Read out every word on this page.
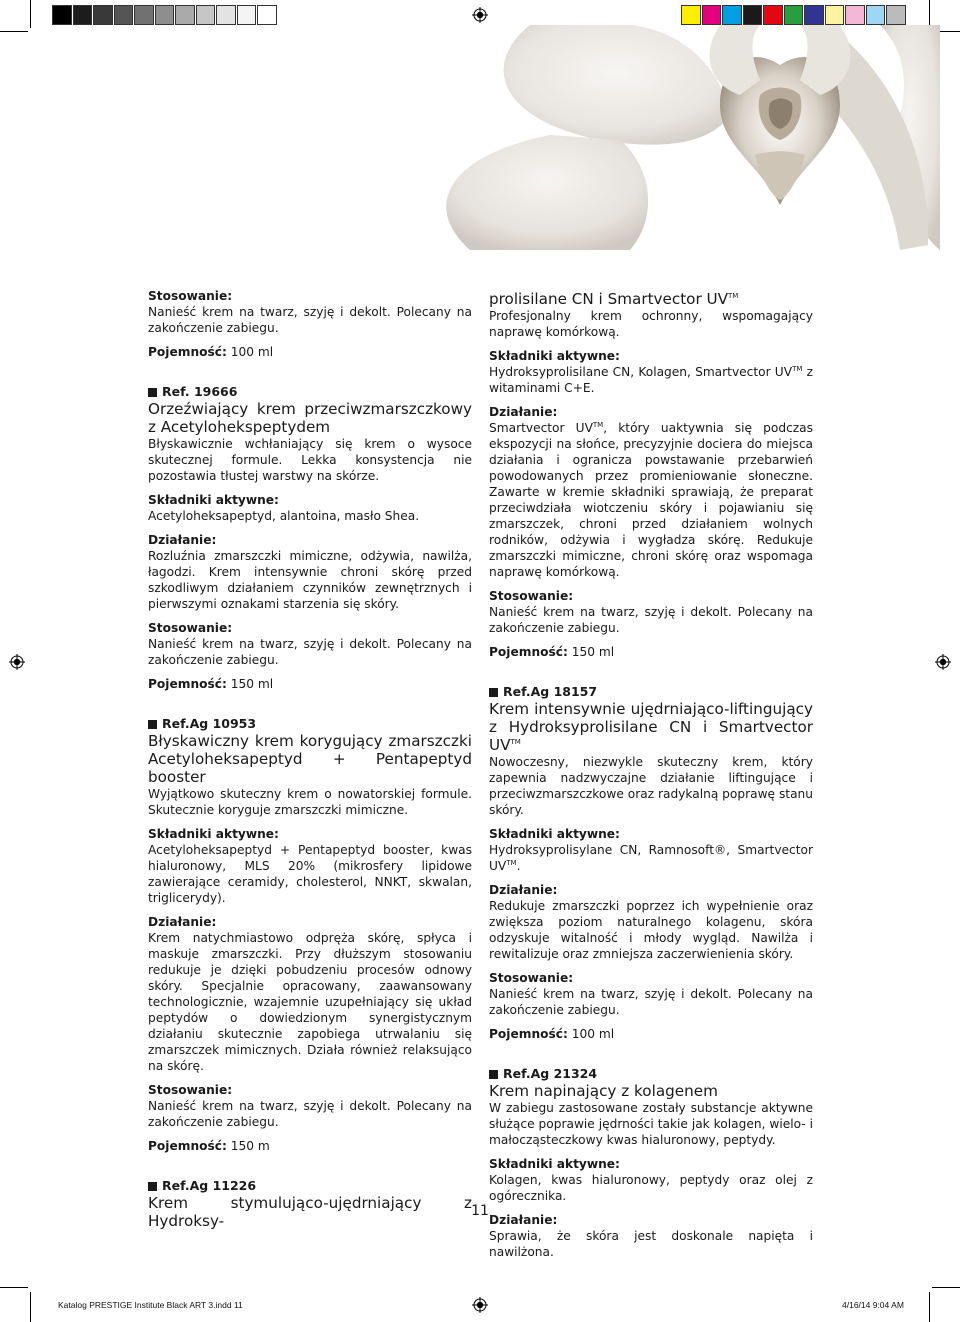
Stosowanie:

Nanieść krem na twarz, szyję i dekolt. Polecany na zakończenie zabiegu.

Pojemność: 100 ml

Ref. 19666

Orzeźwiający krem przeciwzmarszczkowy z Acetylohekspeptydem

Błyskawicznie wchłaniający się krem o wysoce skutecznej formule. Lekka konsystencja nie pozostawia tłustej warstwy na skórze.

Składniki aktywne:

Acetyloheksapeptyd, alantoina, masło Shea.

Działanie:

Rozluźnia zmarszczki mimiczne, odżywia, nawilża, łagodzi. Krem intensywnie chroni skórę przed szkodliwym działaniem czynników zewnętrznych i pierwszymi oznakami starzenia się skóry.

Stosowanie:

Nanieść krem na twarz, szyję i dekolt. Polecany na zakończenie zabiegu.

Pojemność: 150 ml

Ref.Ag 10953

Błyskawiczny krem korygujący zmarszczki Acetyloheksapeptyd + Pentapeptyd booster

Wyjątkowo skuteczny krem o nowatorskiej formule. Skutecznie koryguje zmarszczki mimiczne.

Składniki aktywne:

Acetyloheksapeptyd + Pentapeptyd booster, kwas hialuronowy, MLS 20% (mikrosfery lipidowe zawierające ceramidy, cholesterol, NNKT, skwalan, triglicerydy).

Działanie:

Krem natychmiastowo odpręża skórę, spłyca i maskuje zmarszczki. Przy dłuższym stosowaniu redukuje je dzięki pobudzeniu procesów odnowy skóry. Specjalnie opracowany, zaawansowany technologicznie, wzajemnie uzupełniający się układ peptydów o dowiedzionym synergistycznym działaniu skutecznie zapobiega utrwalaniu się zmarszczek mimicznych. Działa również relaksująco na skórę.

Stosowanie:

Nanieść krem na twarz, szyję i dekolt. Polecany na zakończenie zabiegu.

Pojemność: 150 m

Ref.Ag 11226

Krem stymulująco-ujędrniający z Hydroksy-

prolisilane CN i Smartvector UV™

Profesjonalny krem ochronny, wspomagający naprawę komórkową.

Składniki aktywne:

Hydroksyprolisilane CN, Kolagen, Smartvector UV™ z witaminami C+E.

Działanie:

Smartvector UV™, który uaktywnia się podczas ekspozycji na słońce, precyzyjnie dociera do miejsca działania i ogranicza powstawanie przebarwień powodowanych przez promieniowanie słoneczne. Zawarte w kremie składniki sprawiają, że preparat przeciwdziała wiotczeniu skóry i pojawianiu się zmarszczek, chroni przed działaniem wolnych rodników, odżywia i wygładza skórę. Redukuje zmarszczki mimiczne, chroni skórę oraz wspomaga naprawę komórkową.

Stosowanie:

Nanieść krem na twarz, szyję i dekolt. Polecany na zakończenie zabiegu.

Pojemność: 150 ml

Ref.Ag 18157

Krem intensywnie ujędrniająco-liftingujący z Hydroksyprolisilane CN i Smartvector UV™

Nowoczesny, niezwykle skuteczny krem, który zapewnia nadzwyczajne działanie liftingujące i przeciwzmarszczkowe oraz radykalną poprawę stanu skóry.

Składniki aktywne:

Hydroksyprolisylane CN, Ramnosoft®, Smartvector UV™.

Działanie:

Redukuje zmarszczki poprzez ich wypełnienie oraz zwiększa poziom naturalnego kolagenu, skóra odzyskuje witalność i młody wygląd. Nawilża i rewitalizuje oraz zmniejsza zaczerwienienia skóry.

Stosowanie:

Nanieść krem na twarz, szyję i dekolt. Polecany na zakończenie zabiegu.

Pojemność: 100 ml

Ref.Ag 21324

Krem napinający z kolagenem

W zabiegu zastosowane zostały substancje aktywne służące poprawie jędrności takie jak kolagen, wielo- i małocząsteczkowy kwas hialuronowy, peptydy.

Składniki aktywne:

Kolagen, kwas hialuronowy, peptydy oraz olej z ogórecznika.

Działanie:

Sprawia, że skóra jest doskonale napięta i nawilżona.

11
Katalog PRESTIGE Institute Black ART 3.indd 11	4/16/14 9:04 AM
